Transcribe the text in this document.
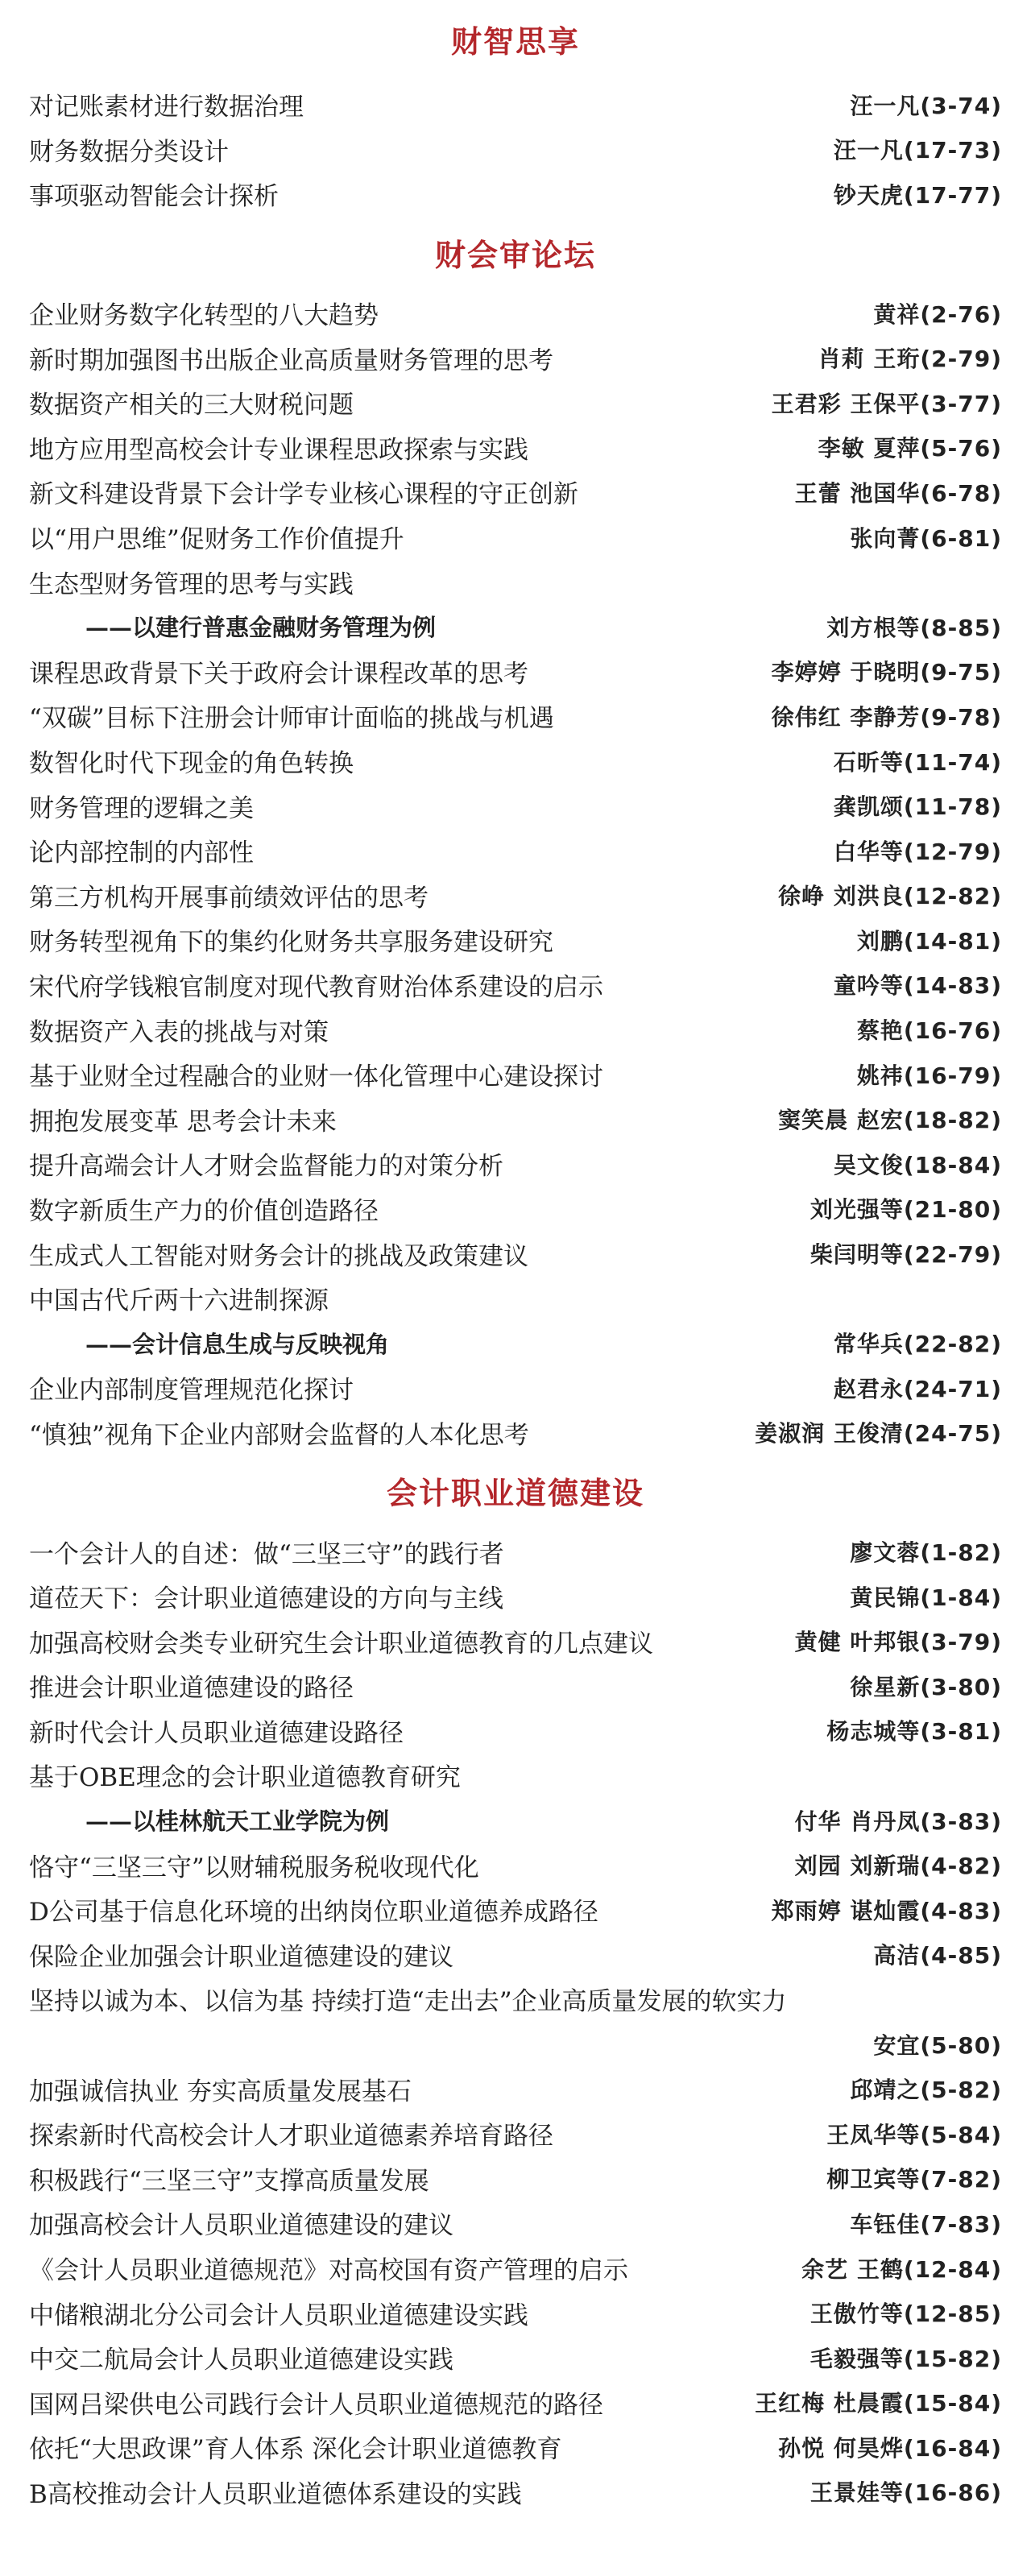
财智思享
对记账素材进行数据治理	汪一凡(3-74)
财务数据分类设计	汪一凡(17-73)
事项驱动智能会计探析	钞天虎(17-77)
财会审论坛
企业财务数字化转型的八大趋势	黄祥(2-76)
新时期加强图书出版企业高质量财务管理的思考	肖莉 王珩(2-79)
数据资产相关的三大财税问题	王君彩 王保平(3-77)
地方应用型高校会计专业课程思政探索与实践	李敏 夏萍(5-76)
新文科建设背景下会计学专业核心课程的守正创新	王蕾 池国华(6-78)
以“用户思维”促财务工作价值提升	张向菁(6-81)
生态型财务管理的思考与实践
——以建行普惠金融财务管理为例	刘方根等(8-85)
课程思政背景下关于政府会计课程改革的思考	李婷婷 于晓明(9-75)
“双碳”目标下注册会计师审计面临的挑战与机遇	徐伟红 李静芳(9-78)
数智化时代下现金的角色转换	石昕等(11-74)
财务管理的逻辑之美	龚凯颂(11-78)
论内部控制的内部性	白华等(12-79)
第三方机构开展事前绩效评估的思考	徐峥 刘洪良(12-82)
财务转型视角下的集约化财务共享服务建设研究	刘鹏(14-81)
宋代府学钱粮官制度对现代教育财治体系建设的启示	童吟等(14-83)
数据资产入表的挑战与对策	蔡艳(16-76)
基于业财全过程融合的业财一体化管理中心建设探讨	姚祎(16-79)
拥抱发展变革 思考会计未来	窦笑晨 赵宏(18-82)
提升高端会计人才财会监督能力的对策分析	吴文俊(18-84)
数字新质生产力的价值创造路径	刘光强等(21-80)
生成式人工智能对财务会计的挑战及政策建议	柴闫明等(22-79)
中国古代斤两十六进制探源
——会计信息生成与反映视角	常华兵(22-82)
企业内部制度管理规范化探讨	赵君永(24-71)
“慎独”视角下企业内部财会监督的人本化思考	姜淑润 王俊清(24-75)
会计职业道德建设
一个会计人的自述：做“三坚三守”的践行者	廖文蓉(1-82)
道莅天下：会计职业道德建设的方向与主线	黄民锦(1-84)
加强高校财会类专业研究生会计职业道德教育的几点建议	黄健 叶邦银(3-79)
推进会计职业道德建设的路径	徐星新(3-80)
新时代会计人员职业道德建设路径	杨志城等(3-81)
基于OBE理念的会计职业道德教育研究
——以桂林航天工业学院为例	付华 肖丹凤(3-83)
恪守“三坚三守”以财辅税服务税收现代化	刘园 刘新瑞(4-82)
D公司基于信息化环境的出纳岗位职业道德养成路径	郑雨婷 谌灿霞(4-83)
保险企业加强会计职业道德建设的建议	高洁(4-85)
坚持以诚为本、以信为基 持续打造“走出去”企业高质量发展的软实力
安宜(5-80)
加强诚信执业 夯实高质量发展基石	邱靖之(5-82)
探索新时代高校会计人才职业道德素养培育路径	王凤华等(5-84)
积极践行“三坚三守”支撑高质量发展	柳卫宾等(7-82)
加强高校会计人员职业道德建设的建议	车钰佳(7-83)
《会计人员职业道德规范》对高校国有资产管理的启示	余艺 王鹤(12-84)
中储粮湖北分公司会计人员职业道德建设实践	王傲竹等(12-85)
中交二航局会计人员职业道德建设实践	毛毅强等(15-82)
国网吕梁供电公司践行会计人员职业道德规范的路径	王红梅 杜晨霞(15-84)
依托“大思政课”育人体系 深化会计职业道德教育	孙悦 何昊烨(16-84)
B高校推动会计人员职业道德体系建设的实践	王景娃等(16-86)
